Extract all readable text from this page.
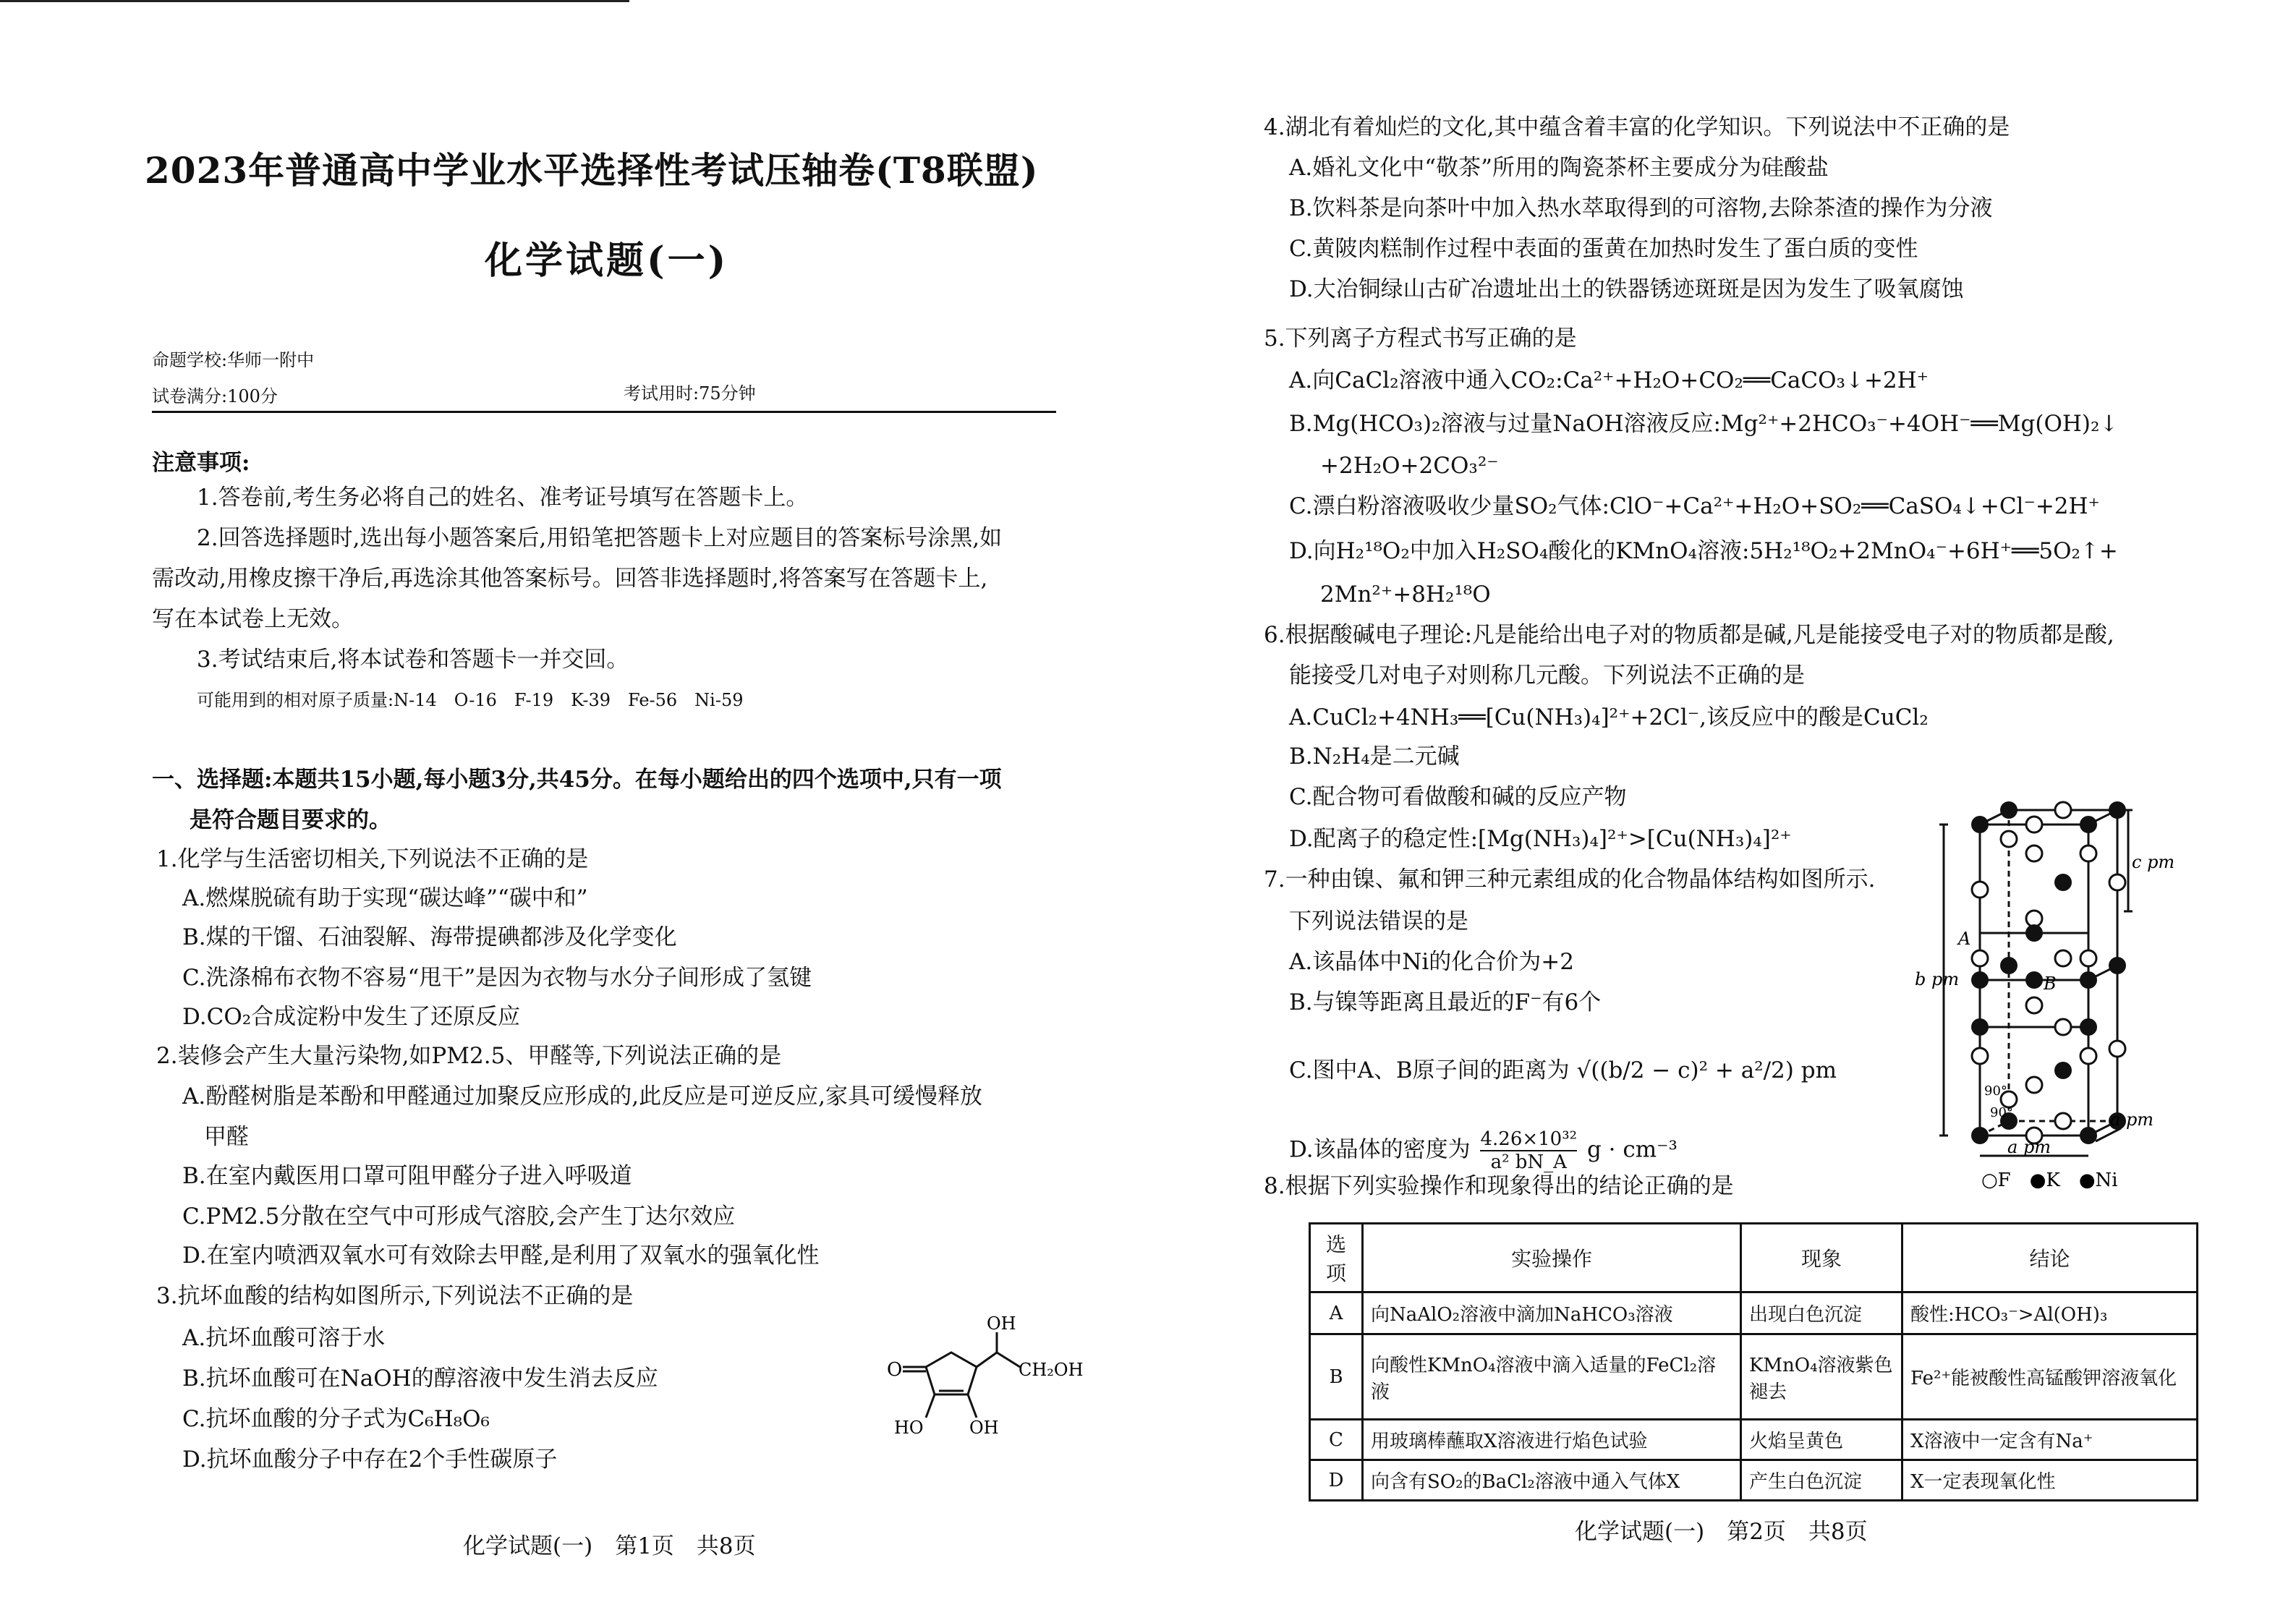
2023年普通高中学业水平选择性考试压轴卷(T8联盟)
化学试题(一)
命题学校:华师一附中
试卷满分:100分	考试用时:75分钟
注意事项:
1.答卷前,考生务必将自己的姓名、准考证号填写在答题卡上。
2.回答选择题时,选出每小题答案后,用铅笔把答题卡上对应题目的答案标号涂黑,如
需改动,用橡皮擦干净后,再选涂其他答案标号。回答非选择题时,将答案写在答题卡上,
写在本试卷上无效。
3.考试结束后,将本试卷和答题卡一并交回。
可能用到的相对原子质量:N-14　O-16　F-19　K-39　Fe-56　Ni-59
一、选择题:本题共15小题,每小题3分,共45分。在每小题给出的四个选项中,只有一项
是符合题目要求的。
1.化学与生活密切相关,下列说法不正确的是
A.燃煤脱硫有助于实现“碳达峰”“碳中和”
B.煤的干馏、石油裂解、海带提碘都涉及化学变化
C.洗涤棉布衣物不容易“甩干”是因为衣物与水分子间形成了氢键
D.CO₂合成淀粉中发生了还原反应
2.装修会产生大量污染物,如PM2.5、甲醛等,下列说法正确的是
A.酚醛树脂是苯酚和甲醛通过加聚反应形成的,此反应是可逆反应,家具可缓慢释放
甲醛
B.在室内戴医用口罩可阻甲醛分子进入呼吸道
C.PM2.5分散在空气中可形成气溶胶,会产生丁达尔效应
D.在室内喷洒双氧水可有效除去甲醛,是利用了双氧水的强氧化性
3.抗坏血酸的结构如图所示,下列说法不正确的是
A.抗坏血酸可溶于水
B.抗坏血酸可在NaOH的醇溶液中发生消去反应
C.抗坏血酸的分子式为C₆H₈O₆
D.抗坏血酸分子中存在2个手性碳原子
O
OH
CH₂OH
HO	OH
化学试题(一)　第1页　共8页
4.湖北有着灿烂的文化,其中蕴含着丰富的化学知识。下列说法中不正确的是
A.婚礼文化中“敬茶”所用的陶瓷茶杯主要成分为硅酸盐
B.饮料茶是向茶叶中加入热水萃取得到的可溶物,去除茶渣的操作为分液
C.黄陂肉糕制作过程中表面的蛋黄在加热时发生了蛋白质的变性
D.大冶铜绿山古矿冶遗址出土的铁器锈迹斑斑是因为发生了吸氧腐蚀
5.下列离子方程式书写正确的是
A.向CaCl₂溶液中通入CO₂:Ca²⁺+H₂O+CO₂══CaCO₃↓+2H⁺
B.Mg(HCO₃)₂溶液与过量NaOH溶液反应:Mg²⁺+2HCO₃⁻+4OH⁻══Mg(OH)₂↓
+2H₂O+2CO₃²⁻
C.漂白粉溶液吸收少量SO₂气体:ClO⁻+Ca²⁺+H₂O+SO₂══CaSO₄↓+Cl⁻+2H⁺
D.向H₂¹⁸O₂中加入H₂SO₄酸化的KMnO₄溶液:5H₂¹⁸O₂+2MnO₄⁻+6H⁺══5O₂↑+
2Mn²⁺+8H₂¹⁸O
6.根据酸碱电子理论:凡是能给出电子对的物质都是碱,凡是能接受电子对的物质都是酸,
能接受几对电子对则称几元酸。下列说法不正确的是
A.CuCl₂+4NH₃══[Cu(NH₃)₄]²⁺+2Cl⁻,该反应中的酸是CuCl₂
B.N₂H₄是二元碱
C.配合物可看做酸和碱的反应产物
D.配离子的稳定性:[Mg(NH₃)₄]²⁺>[Cu(NH₃)₄]²⁺
7.一种由镍、氟和钾三种元素组成的化合物晶体结构如图所示.
下列说法错误的是
A.该晶体中Ni的化合价为+2
B.与镍等距离且最近的F⁻有6个
C.图中A、B原子间的距离为 √((b/2 − c)² + a²/2) pm
D.该晶体的密度为 $\frac{\text{4.26×10³²}}{\text{a² bN\_A}}$ g · cm⁻³
c pm
b pm
A
B
90°
90°	a pm
a pm
○F　●K　●Ni
8.根据下列实验操作和现象得出的结论正确的是
选项	实验操作	现象	结论
A	向NaAlO₂溶液中滴加NaHCO₃溶液	出现白色沉淀	酸性:HCO₃⁻>Al(OH)₃
B	向酸性KMnO₄溶液中滴入适量的FeCl₂溶液	KMnO₄溶液紫色褪去	Fe²⁺能被酸性高锰酸钾溶液氧化
C	用玻璃棒蘸取X溶液进行焰色试验	火焰呈黄色	X溶液中一定含有Na⁺
D	向含有SO₂的BaCl₂溶液中通入气体X	产生白色沉淀	X一定表现氧化性
化学试题(一)　第2页　共8页
